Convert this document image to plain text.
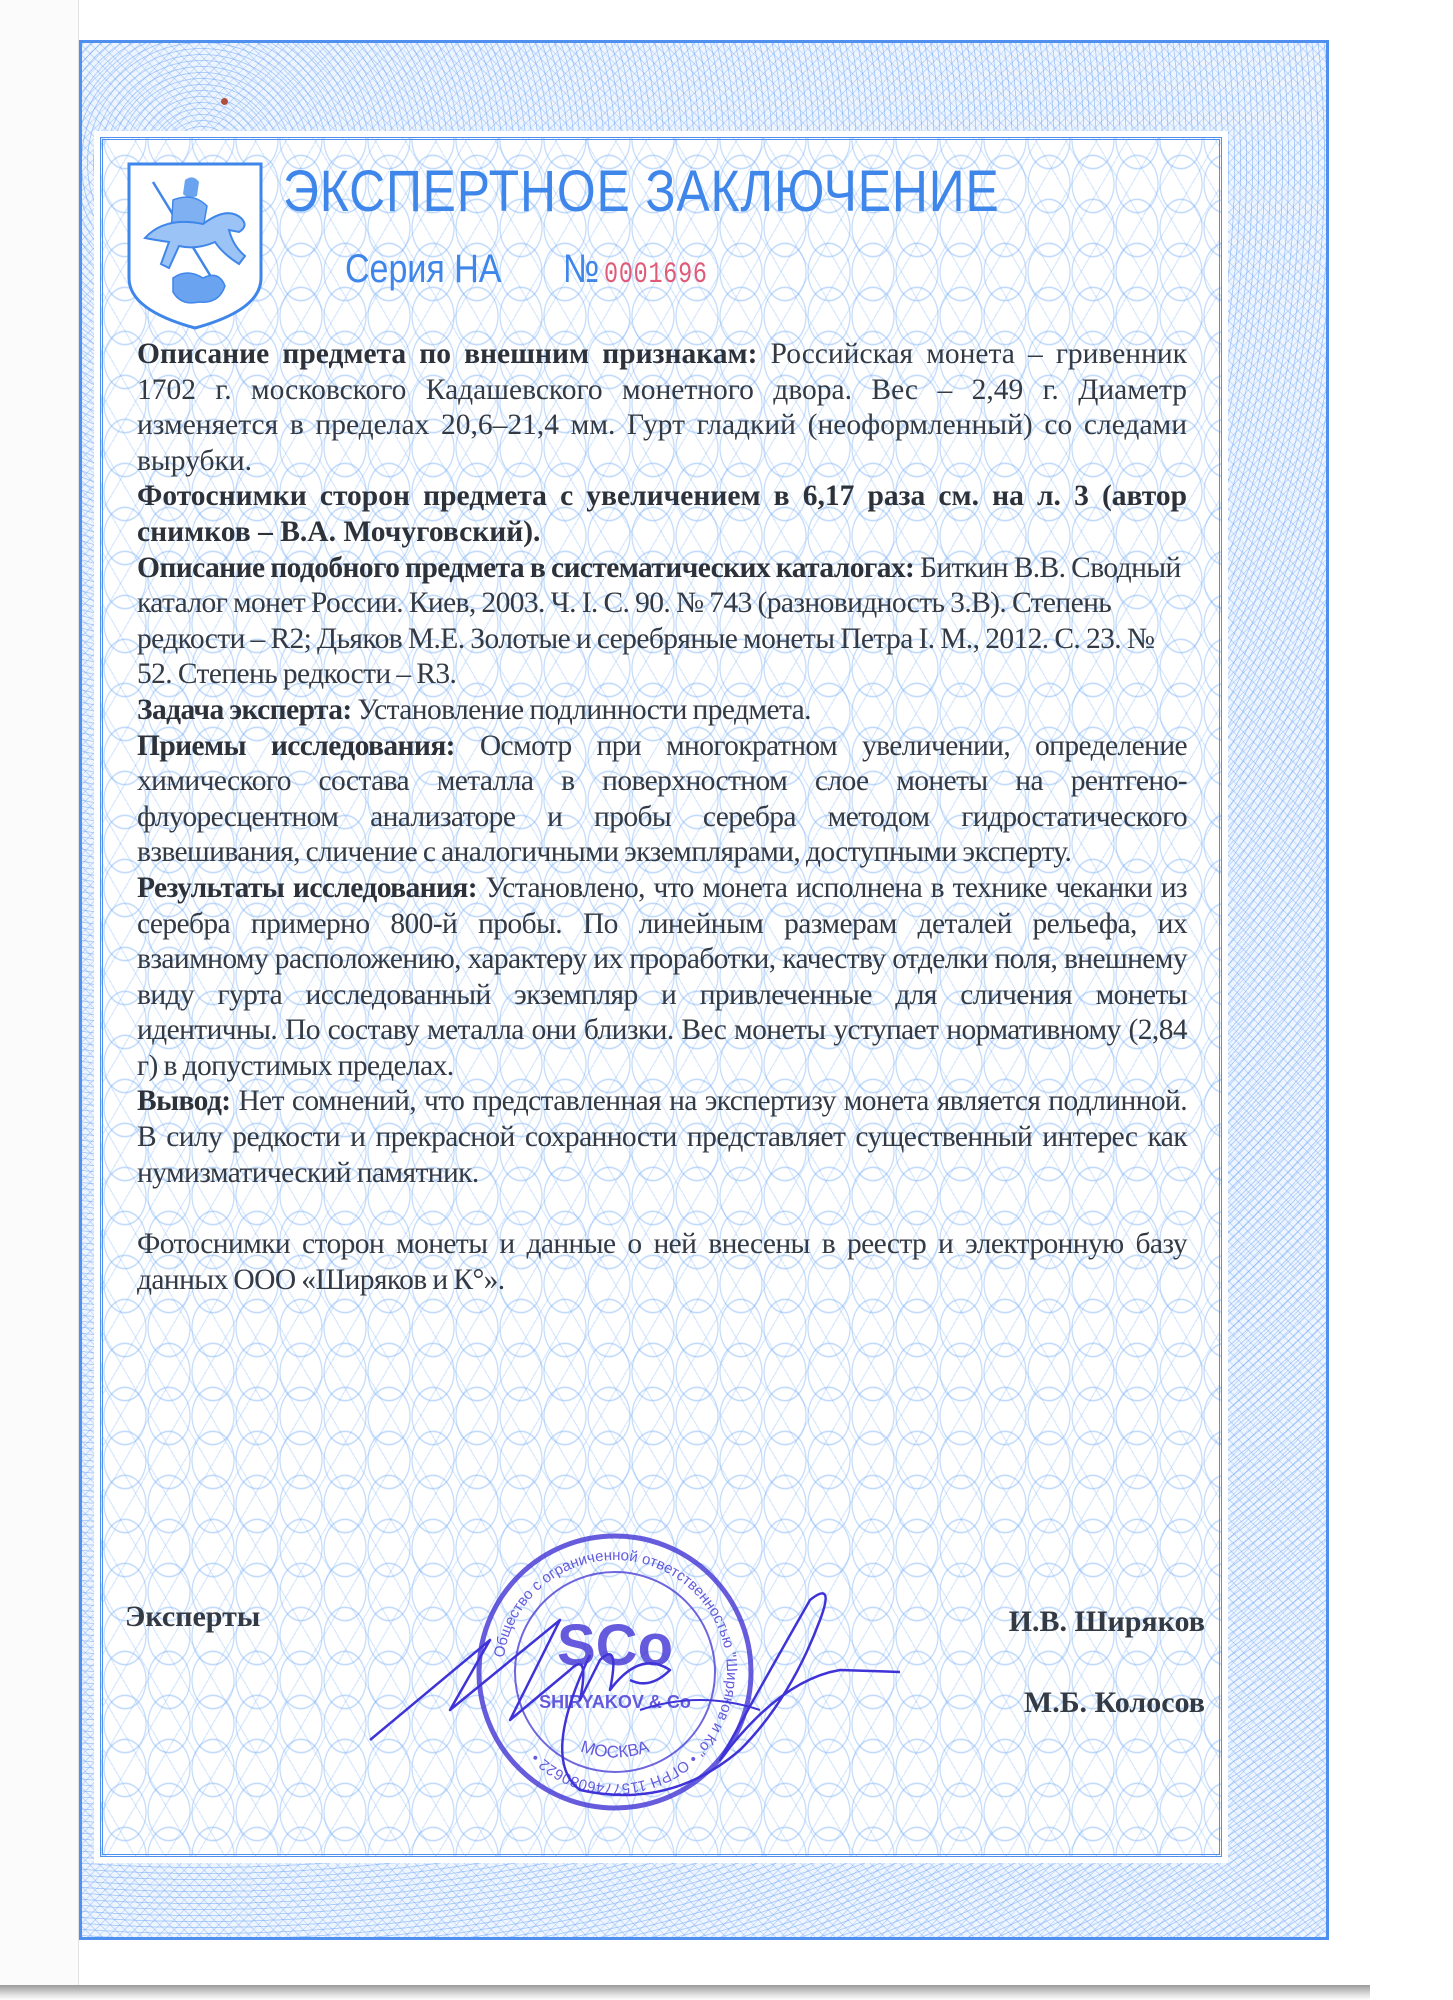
ЭКСПЕРТНОЕ ЗАКЛЮЧЕНИЕ
Серия НА № 0001696

Описание предмета по внешним признакам: Российская монета – гривенник 1702 г. московского Кадашевского монетного двора. Вес – 2,49 г. Диаметр изменяется в пределах 20,6–21,4 мм. Гурт гладкий (неоформленный) со следами вырубки.

Фотоснимки сторон предмета с увеличением в 6,17 раза см. на л. 3 (автор снимков – В.А. Мочуговский).

Описание подобного предмета в систематических каталогах: Биткин В.В. Сводный каталог монет России. Киев, 2003. Ч. I. С. 90. № 743 (разновидность 3.В). Степень редкости – R2; Дьяков М.Е. Золотые и серебряные монеты Петра I. М., 2012. С. 23. № 52. Степень редкости – R3.

Задача эксперта: Установление подлинности предмета.

Приемы исследования: Осмотр при многократном увеличении, определение химического состава металла в поверхностном слое монеты на рентгено-флуоресцентном анализаторе и пробы серебра методом гидростатического взвешивания, сличение с аналогичными экземплярами, доступными эксперту.

Результаты исследования: Установлено, что монета исполнена в технике чеканки из серебра примерно 800-й пробы. По линейным размерам деталей рельефа, их взаимному расположению, характеру их проработки, качеству отделки поля, внешнему виду гурта исследованный экземпляр и привлеченные для сличения монеты идентичны. По составу металла они близки. Вес монеты уступает нормативному (2,84 г) в допустимых пределах.

Вывод: Нет сомнений, что представленная на экспертизу монета является подлинной. В силу редкости и прекрасной сохранности представляет существенный интерес как нумизматический памятник.

Фотоснимки сторон монеты и данные о ней внесены в реестр и электронную базу данных ООО «Ширяков и К°».

Эксперты	И.В. Ширяков
М.Б. Колосов
Общество с ограниченной ответственностью "Ширяков и Ко" • ОГРН 1157746080622 •	МОСКВА
SCo
SHIRYAKOV & Co
